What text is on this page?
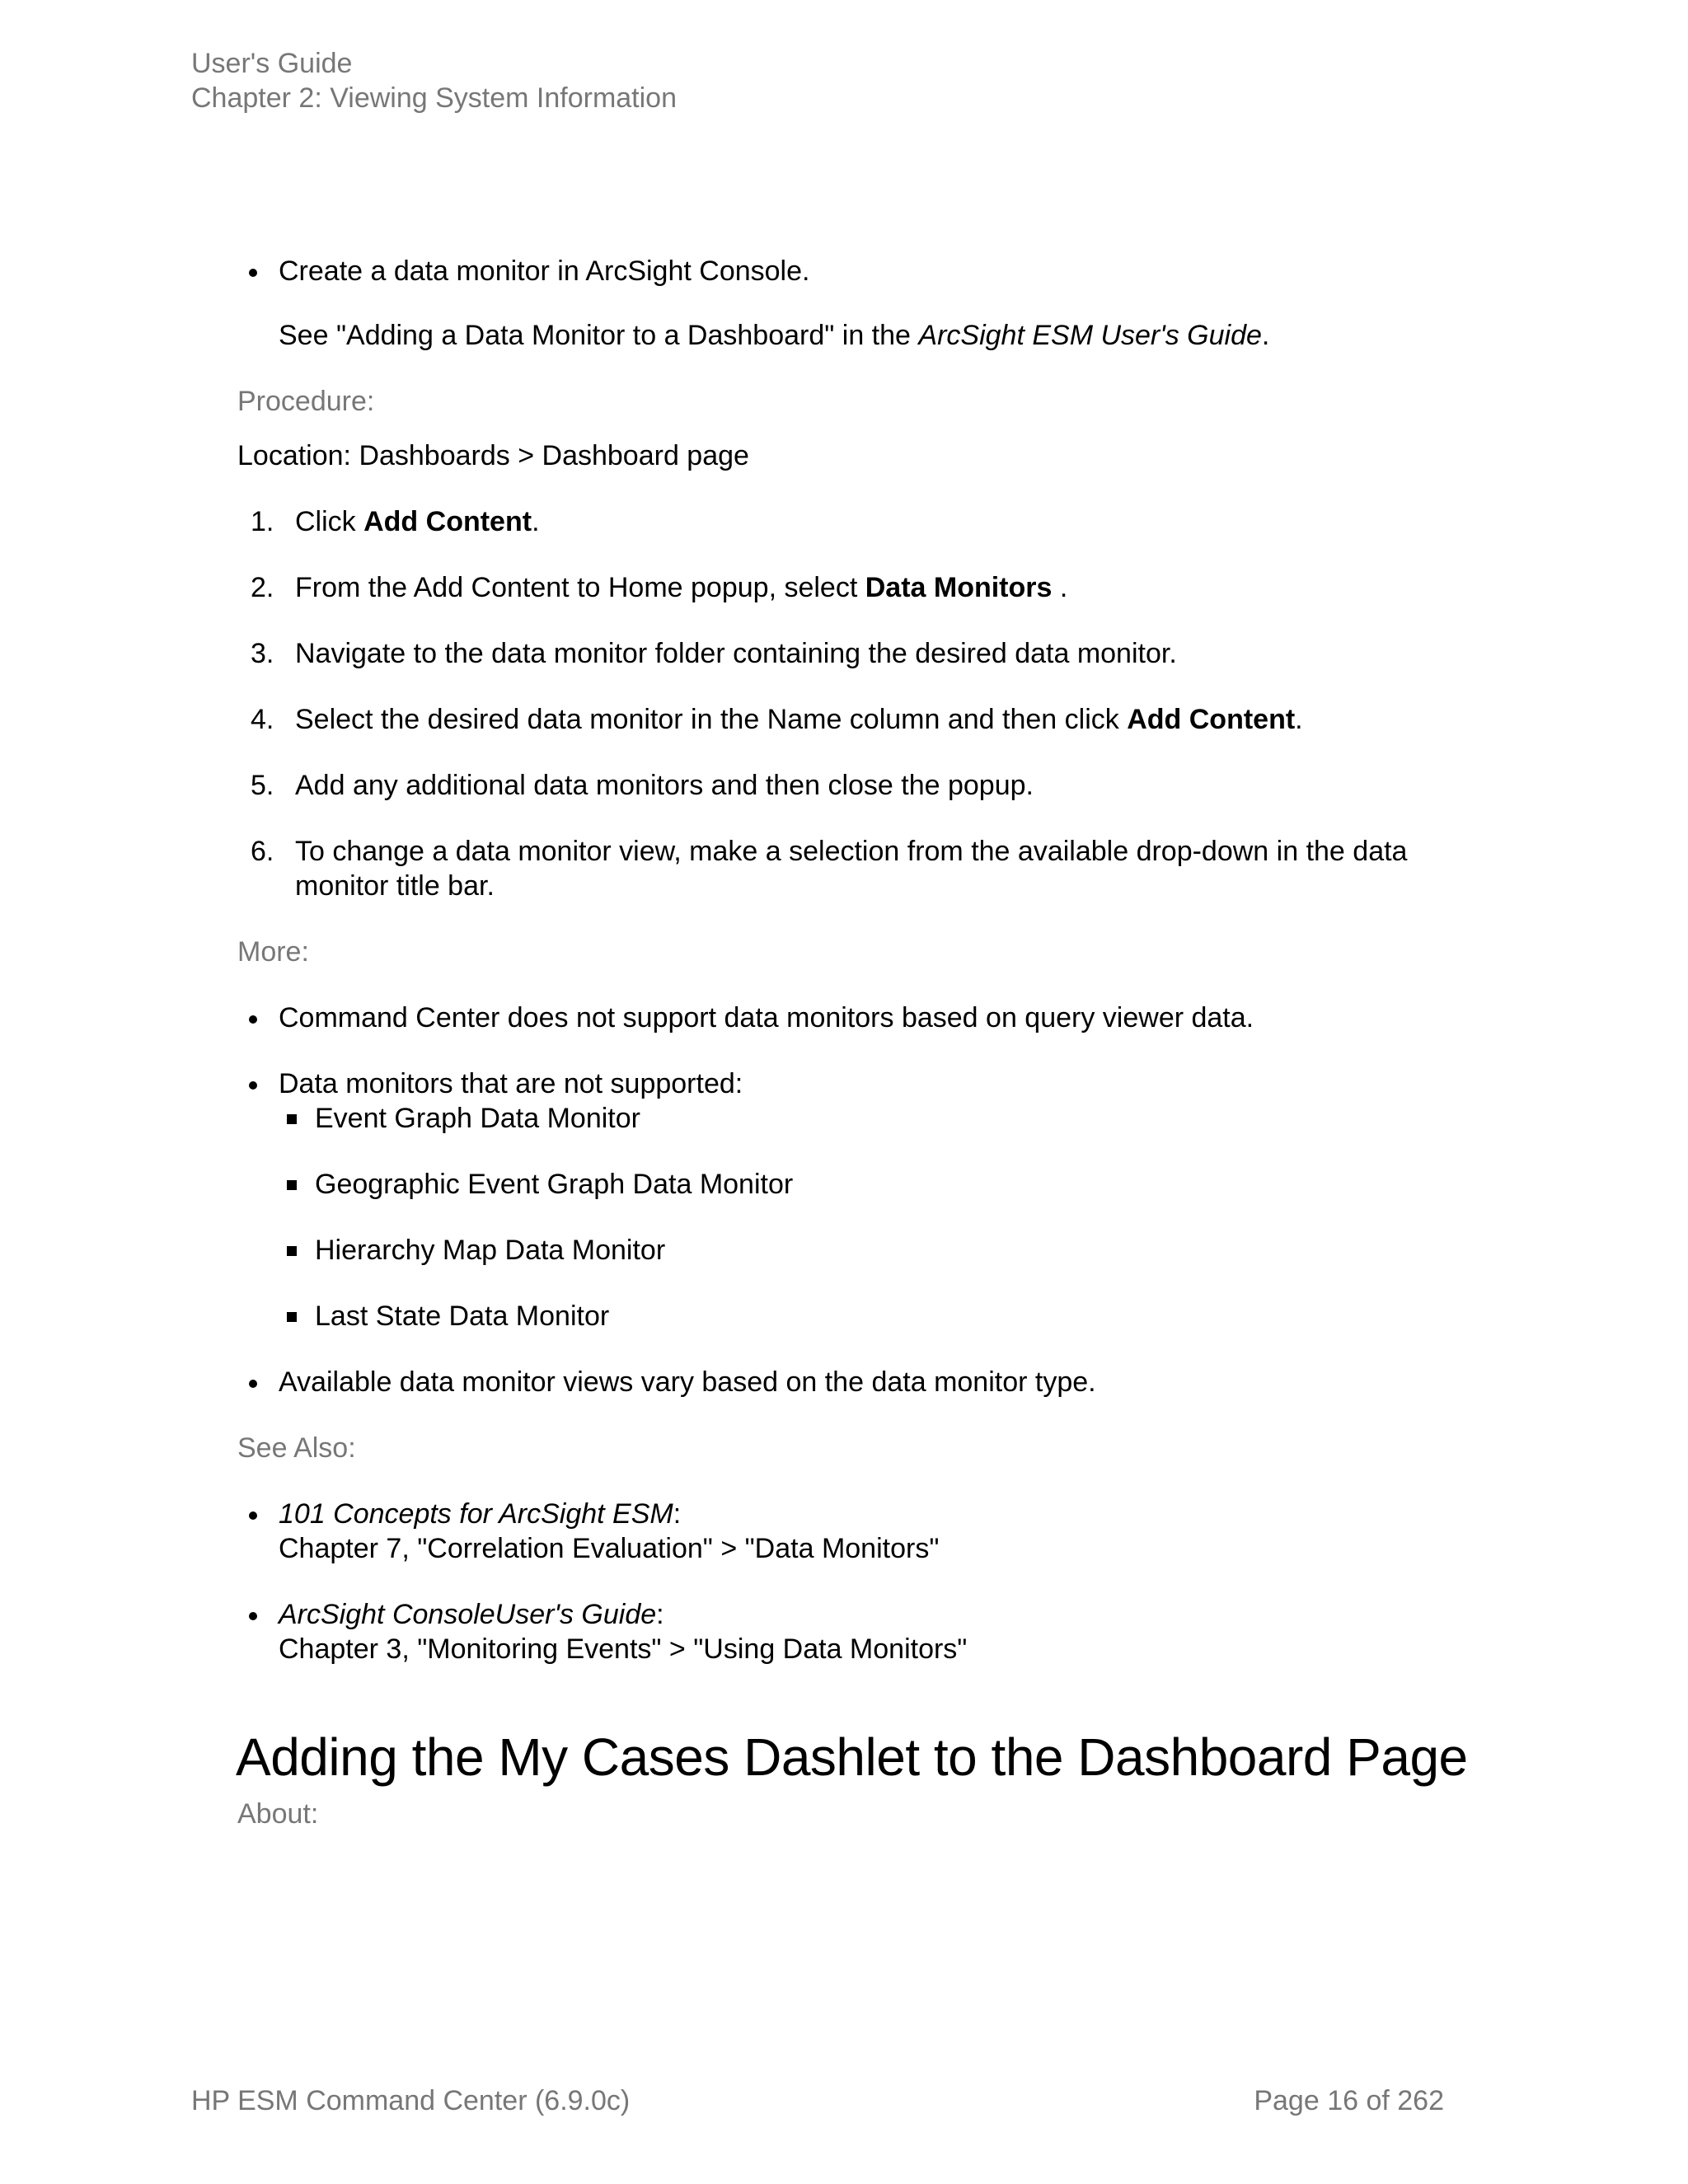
User's Guide
Chapter 2: Viewing System Information
Create a data monitor in ArcSight Console.

See "Adding a Data Monitor to a Dashboard" in the ArcSight ESM User's Guide.

Procedure:

Location: Dashboards > Dashboard page

1. Click Add Content.
2. From the Add Content to Home popup, select Data Monitors .
3. Navigate to the data monitor folder containing the desired data monitor.
4. Select the desired data monitor in the Name column and then click Add Content.
5. Add any additional data monitors and then close the popup.
6. To change a data monitor view, make a selection from the available drop-down in the data monitor title bar.

More:

Command Center does not support data monitors based on query viewer data.
Data monitors that are not supported:
Event Graph Data Monitor
Geographic Event Graph Data Monitor
Hierarchy Map Data Monitor
Last State Data Monitor
Available data monitor views vary based on the data monitor type.

See Also:

101 Concepts for ArcSight ESM:
Chapter 7, "Correlation Evaluation" > "Data Monitors"
ArcSight ConsoleUser's Guide:
Chapter 3, "Monitoring Events" > "Using Data Monitors"
Adding the My Cases Dashlet to the Dashboard Page

About:

HP ESM Command Center (6.9.0c)	Page 16 of 262
